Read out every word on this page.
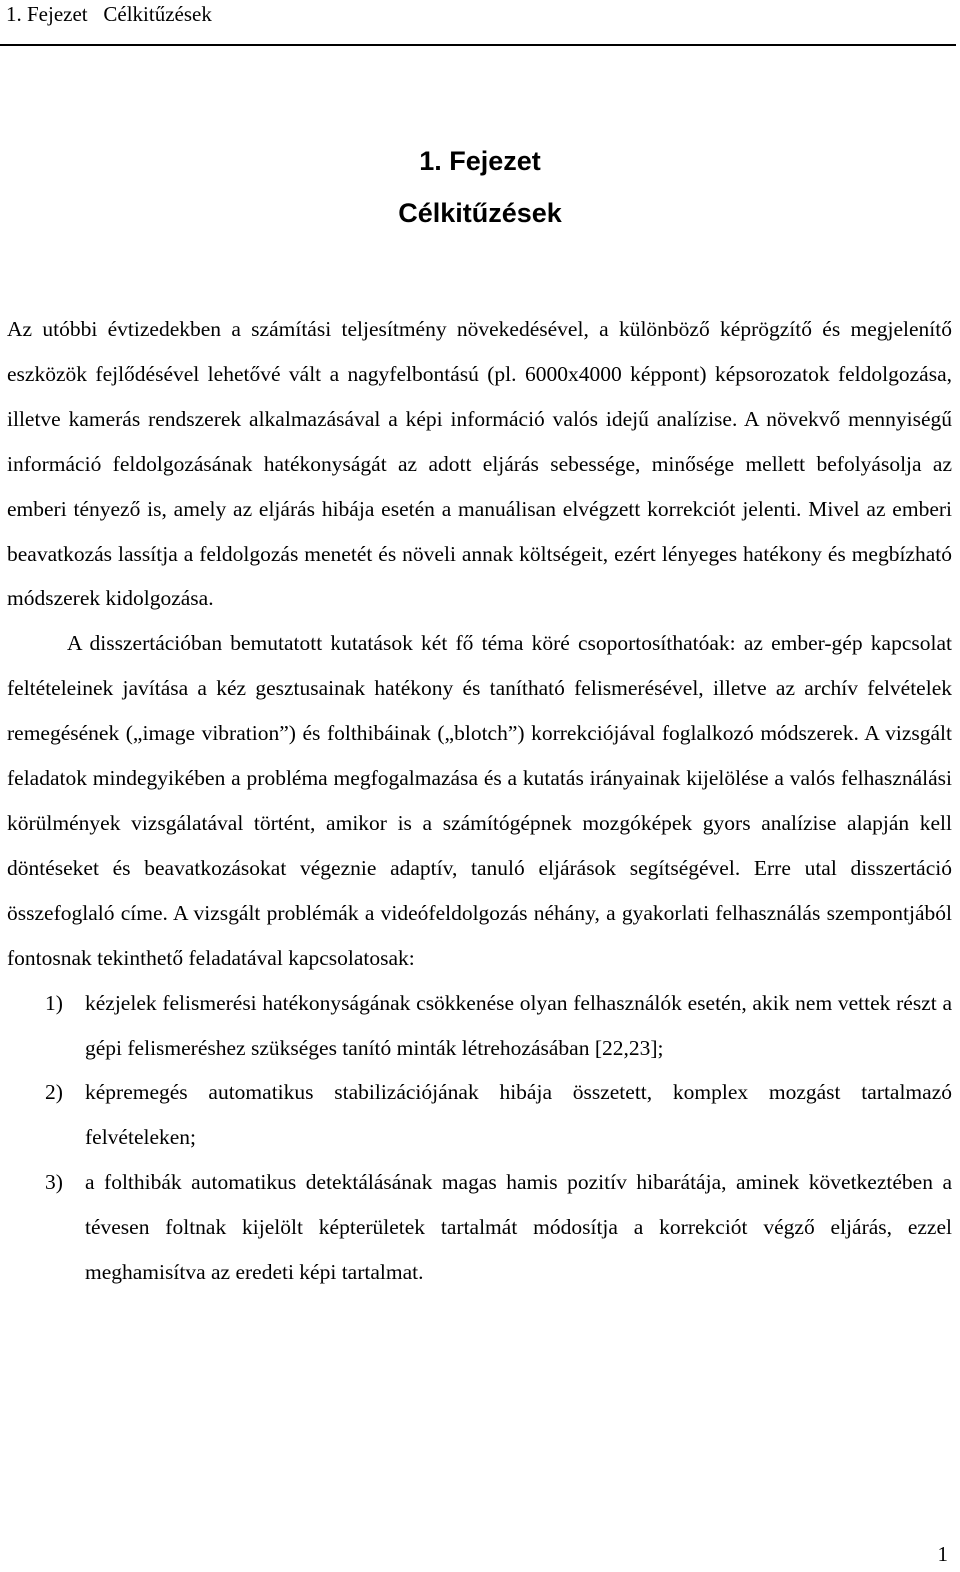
1. Fejezet   Célkitűzések
1. Fejezet
Célkitűzések

Az utóbbi évtizedekben a számítási teljesítmény növekedésével, a különböző képrögzítő és megjelenítő eszközök fejlődésével lehetővé vált a nagyfelbontású (pl. 6000x4000 képpont) képsorozatok feldolgozása, illetve kamerás rendszerek alkalmazásával a képi információ valós idejű analízise. A növekvő mennyiségű információ feldolgozásának hatékonyságát az adott eljárás sebessége, minősége mellett befolyásolja az emberi tényező is, amely az eljárás hibája esetén a manuálisan elvégzett korrekciót jelenti. Mivel az emberi beavatkozás lassítja a feldolgozás menetét és növeli annak költségeit, ezért lényeges hatékony és megbízható módszerek kidolgozása.

A disszertációban bemutatott kutatások két fő téma köré csoportosíthatóak: az ember-gép kapcsolat feltételeinek javítása a kéz gesztusainak hatékony és tanítható felismerésével, illetve az archív felvételek remegésének („image vibration”) és folthibáinak („blotch”) korrekciójával foglalkozó módszerek. A vizsgált feladatok mindegyikében a probléma megfogalmazása és a kutatás irányainak kijelölése a valós felhasználási körülmények vizsgálatával történt, amikor is a számítógépnek mozgóképek gyors analízise alapján kell döntéseket és beavatkozásokat végeznie adaptív, tanuló eljárások segítségével. Erre utal disszertáció összefoglaló címe. A vizsgált problémák a videófeldolgozás néhány, a gyakorlati felhasználás szempontjából fontosnak tekinthető feladatával kapcsolatosak:

1) kézjelek felismerési hatékonyságának csökkenése olyan felhasználók esetén, akik nem vettek részt a gépi felismeréshez szükséges tanító minták létrehozásában [22,23];
2) képremegés automatikus stabilizációjának hibája összetett, komplex mozgást tartalmazó felvételeken;
3) a folthibák automatikus detektálásának magas hamis pozitív hibarátája, aminek következtében a tévesen foltnak kijelölt képterületek tartalmát módosítja a korrekciót végző eljárás, ezzel meghamisítva az eredeti képi tartalmat.
1
